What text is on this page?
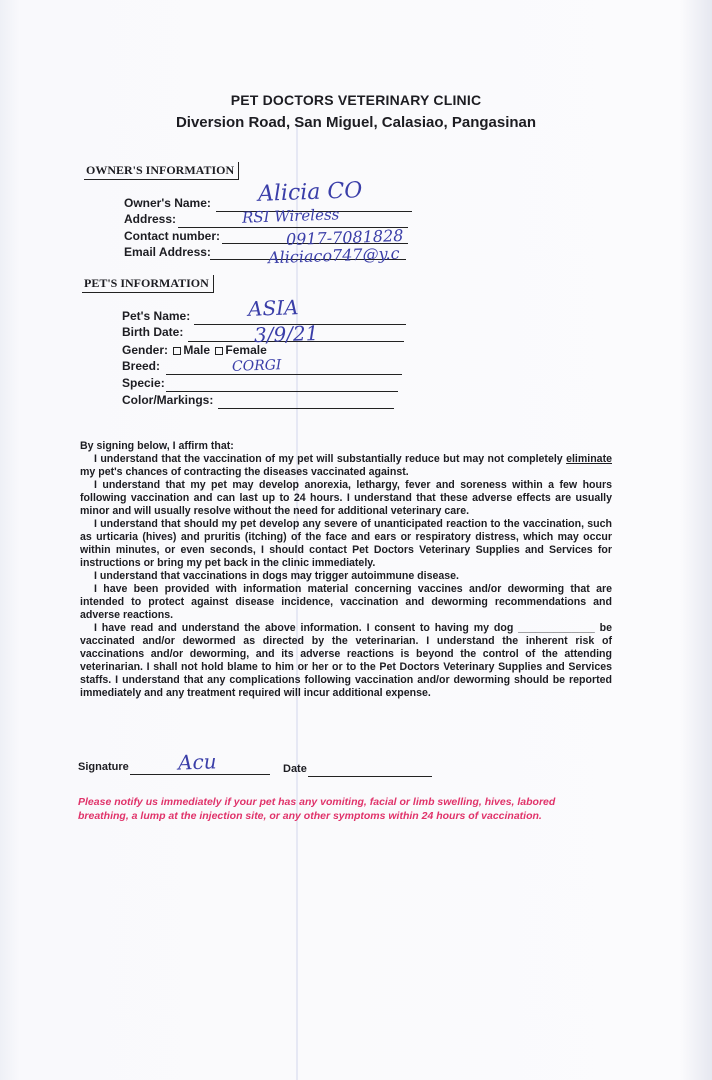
PET DOCTORS VETERINARY CLINIC
Diversion Road, San Miguel, Calasiao, Pangasinan
OWNER'S INFORMATION
Owner's Name: Alicia CO
Address:	RSI Wireless
Contact number:	0917-7081828
Email Address:	Aliciaco747@y.c
PET'S INFORMATION
Pet's Name:	ASIA
Birth Date:	3/9/21
Gender: Male Female
Breed:	CORGI
Specie:
Color/Markings:

By signing below, I affirm that:

I understand that the vaccination of my pet will substantially reduce but may not completely eliminate my pet's chances of contracting the diseases vaccinated against.

I understand that my pet may develop anorexia, lethargy, fever and soreness within a few hours following vaccination and can last up to 24 hours. I understand that these adverse effects are usually minor and will usually resolve without the need for additional veterinary care.

I understand that should my pet develop any severe of unanticipated reaction to the vaccination, such as urticaria (hives) and pruritis (itching) of the face and ears or respiratory distress, which may occur within minutes, or even seconds, I should contact Pet Doctors Veterinary Supplies and Services for instructions or bring my pet back in the clinic immediately.

I understand that vaccinations in dogs may trigger autoimmune disease.

I have been provided with information material concerning vaccines and/or deworming that are intended to protect against disease incidence, vaccination and deworming recommendations and adverse reactions.

I have read and understand the above information. I consent to having my dog _____________ be vaccinated and/or dewormed as directed by the veterinarian. I understand the inherent risk of vaccinations and/or deworming, and its adverse reactions is beyond the control of the attending veterinarian. I shall not hold blame to him or her or to the Pet Doctors Veterinary Supplies and Services staffs. I understand that any complications following vaccination and/or deworming should be reported immediately and any treatment required will incur additional expense.

Signature Acu	Date
Please notify us immediately if your pet has any vomiting, facial or limb swelling, hives, labored breathing, a lump at the injection site, or any other symptoms within 24 hours of vaccination.
